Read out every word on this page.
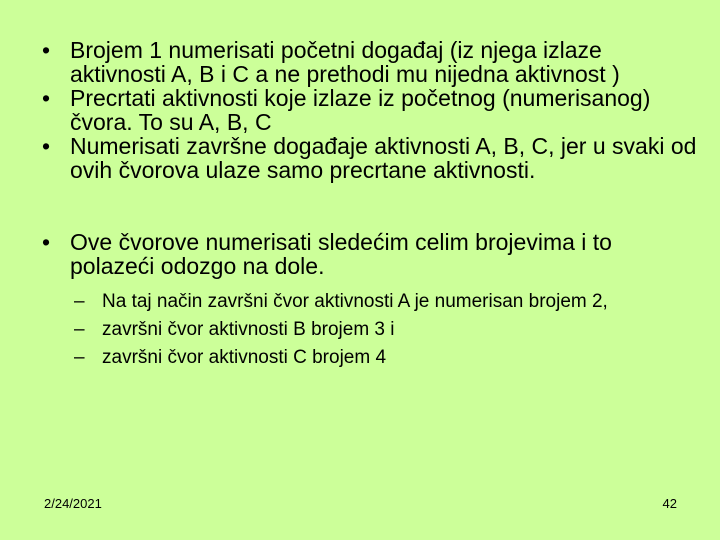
• Brojem 1 numerisati početni događaj (iz njega izlaze aktivnosti A, B i C a ne prethodi mu nijedna aktivnost )
• Precrtati aktivnosti koje izlaze iz početnog (numerisanog) čvora. To su A, B, C
• Numerisati završne događaje aktivnosti A, B, C, jer u svaki od ovih čvorova ulaze samo precrtane aktivnosti.
• Ove čvorove numerisati sledećim celim brojevima i to polazeći odozgo na dole.
– Na taj način završni čvor aktivnosti A je numerisan brojem 2,
– završni čvor aktivnosti B brojem 3 i
– završni čvor aktivnosti C brojem 4
2/24/2021	42
